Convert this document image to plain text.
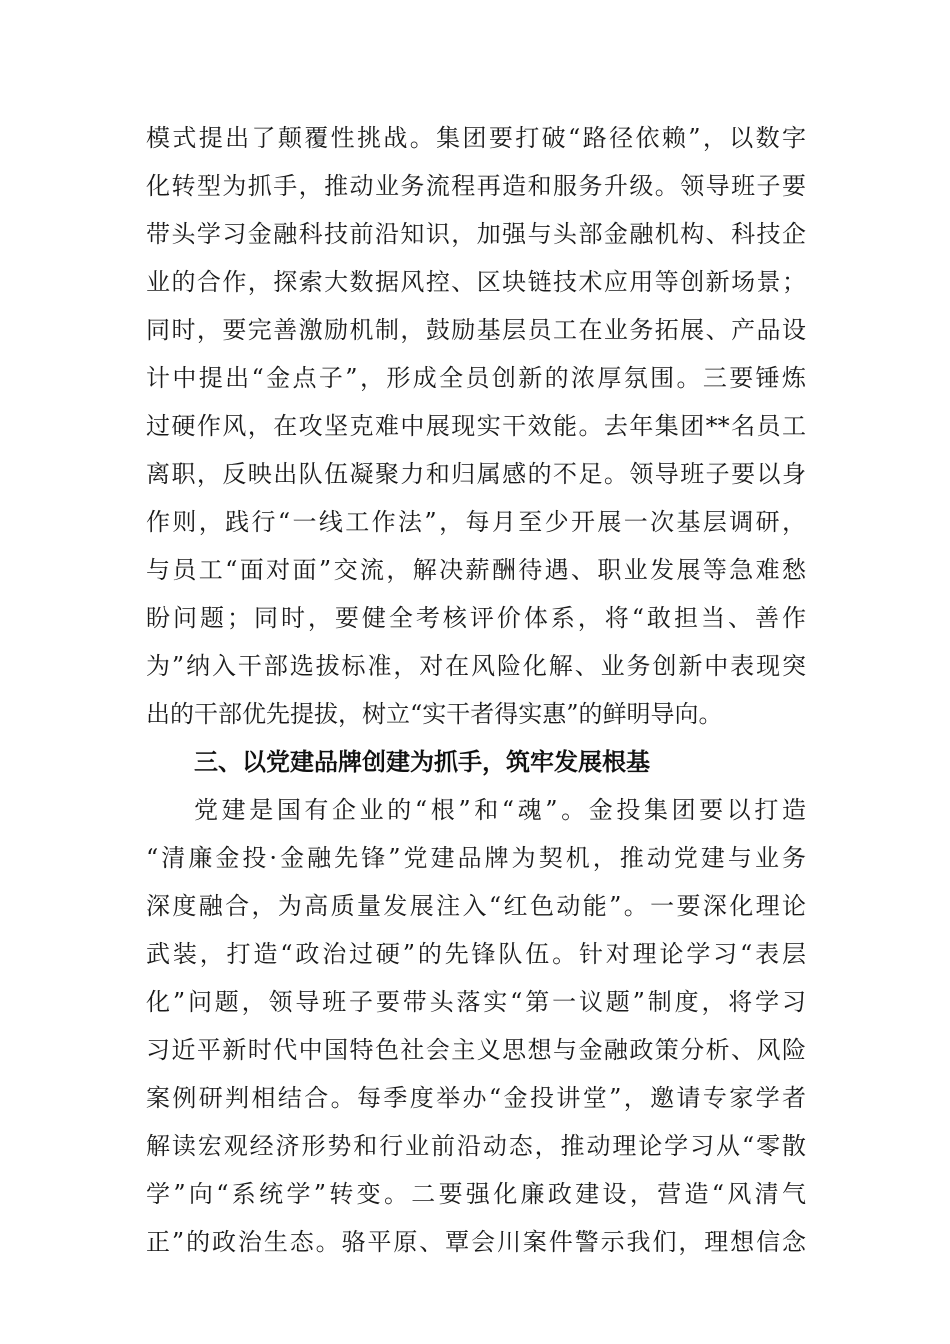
模式提出了颠覆性挑战。集团要打破“路径依赖”，以数字
化转型为抓手，推动业务流程再造和服务升级。领导班子要
带头学习金融科技前沿知识，加强与头部金融机构、科技企
业的合作，探索大数据风控、区块链技术应用等创新场景；
同时，要完善激励机制，鼓励基层员工在业务拓展、产品设
计中提出“金点子”，形成全员创新的浓厚氛围。三要锤炼
过硬作风，在攻坚克难中展现实干效能。去年集团**名员工
离职，反映出队伍凝聚力和归属感的不足。领导班子要以身
作则，践行“一线工作法”，每月至少开展一次基层调研，
与员工“面对面”交流，解决薪酬待遇、职业发展等急难愁
盼问题；同时，要健全考核评价体系，将“敢担当、善作
为”纳入干部选拔标准，对在风险化解、业务创新中表现突
出的干部优先提拔，树立“实干者得实惠”的鲜明导向。
三、以党建品牌创建为抓手，筑牢发展根基
党建是国有企业的“根”和“魂”。金投集团要以打造
“清廉金投·金融先锋”党建品牌为契机，推动党建与业务
深度融合，为高质量发展注入“红色动能”。一要深化理论
武装，打造“政治过硬”的先锋队伍。针对理论学习“表层
化”问题，领导班子要带头落实“第一议题”制度，将学习
习近平新时代中国特色社会主义思想与金融政策分析、风险
案例研判相结合。每季度举办“金投讲堂”，邀请专家学者
解读宏观经济形势和行业前沿动态，推动理论学习从“零散
学”向“系统学”转变。二要强化廉政建设，营造“风清气
正”的政治生态。骆平原、覃会川案件警示我们，理想信念
